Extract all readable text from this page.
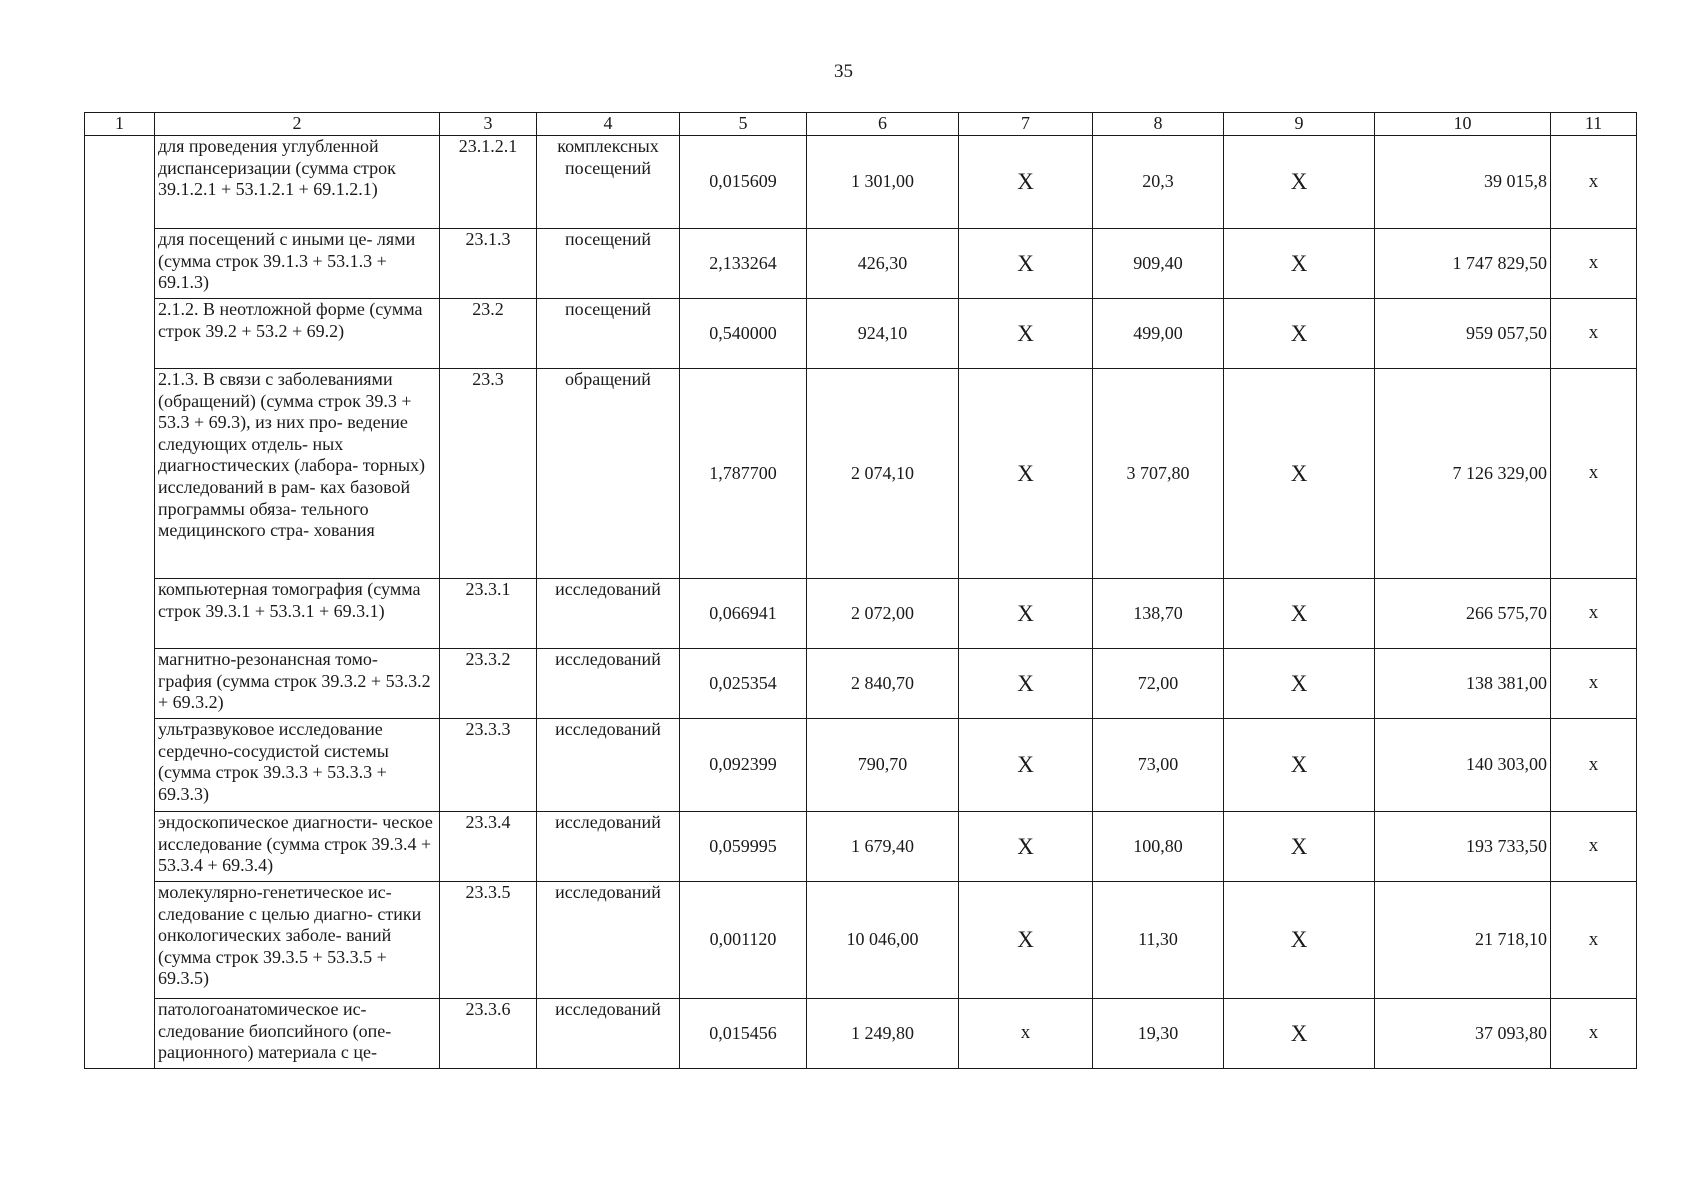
35
1	2	3	4	5	6	7	8	9	10	11
	для проведения углубленной диспансеризации (сумма строк 39.1.2.1 + 53.1.2.1 + 69.1.2.1)	23.1.2.1	комплексных посещений	0,015609	1 301,00	X	20,3	X	39 015,8	x
	для посещений с иными це- лями (сумма строк 39.1.3 + 53.1.3 + 69.1.3)	23.1.3	посещений	2,133264	426,30	X	909,40	X	1 747 829,50	x
	2.1.2. В неотложной форме (сумма строк 39.2 + 53.2 + 69.2)	23.2	посещений	0,540000	924,10	X	499,00	X	959 057,50	x
	2.1.3. В связи с заболеваниями (обращений) (сумма строк 39.3 + 53.3 + 69.3), из них про- ведение следующих отдель- ных диагностических (лабора- торных) исследований в рам- ках базовой программы обяза- тельного медицинского стра- хования	23.3	обращений	1,787700	2 074,10	X	3 707,80	X	7 126 329,00	x
	компьютерная томография (сумма строк 39.3.1 + 53.3.1 + 69.3.1)	23.3.1	исследований	0,066941	2 072,00	X	138,70	X	266 575,70	x
	магнитно-резонансная томо- графия (сумма строк 39.3.2 + 53.3.2 + 69.3.2)	23.3.2	исследований	0,025354	2 840,70	X	72,00	X	138 381,00	x
	ультразвуковое исследование сердечно-сосудистой системы (сумма строк 39.3.3 + 53.3.3 + 69.3.3)	23.3.3	исследований	0,092399	790,70	X	73,00	X	140 303,00	x
	эндоскопическое диагности- ческое исследование (сумма строк 39.3.4 + 53.3.4 + 69.3.4)	23.3.4	исследований	0,059995	1 679,40	X	100,80	X	193 733,50	x
	молекулярно-генетическое ис- следование с целью диагно- стики онкологических заболе- ваний (сумма строк 39.3.5 + 53.3.5 + 69.3.5)	23.3.5	исследований	0,001120	10 046,00	X	11,30	X	21 718,10	x
	патологоанатомическое ис- следование биопсийного (опе- рационного) материала с це-	23.3.6	исследований	0,015456	1 249,80	x	19,30	X	37 093,80	x
